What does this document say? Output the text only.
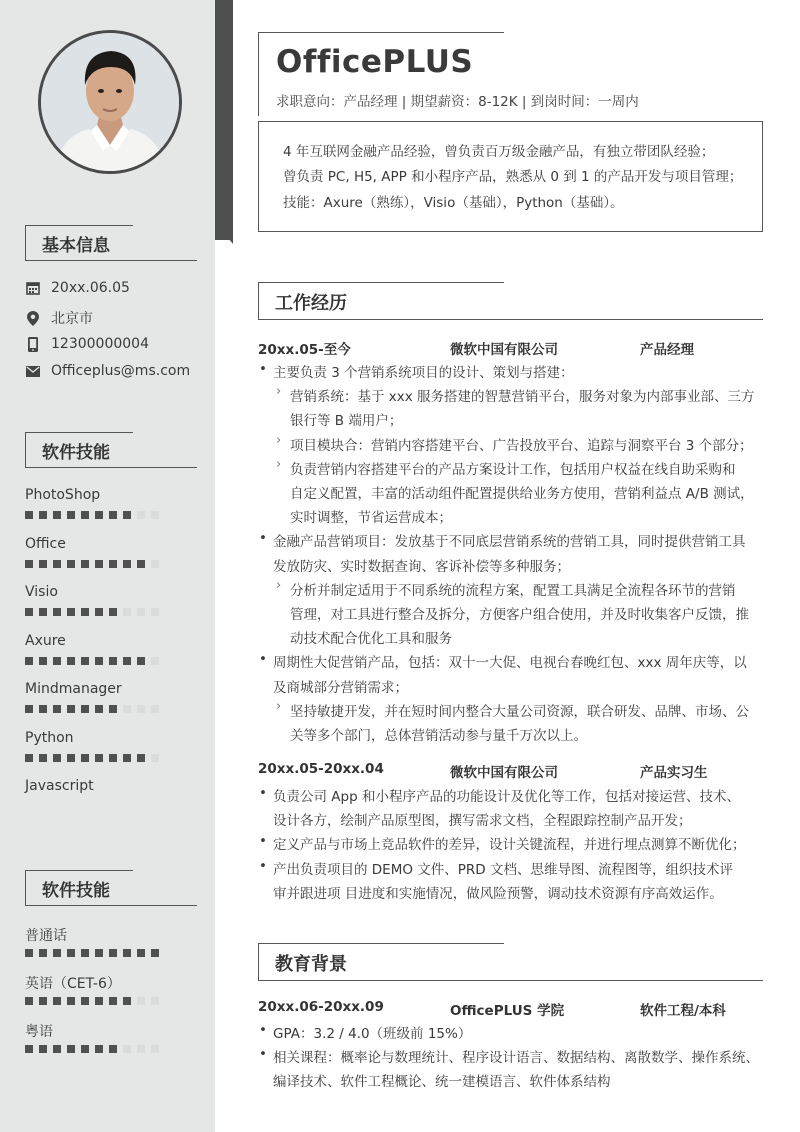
基本信息
20xx.06.05
北京市
12300000004
Officeplus@ms.com
软件技能
PhotoShop
Office
Visio
Axure
Mindmanager
Python
Javascript
软件技能
普通话
英语（CET-6）
粤语
OfficePLUS
求职意向：产品经理 | 期望薪资：8-12K | 到岗时间：一周内
4 年互联网金融产品经验，曾负责百万级金融产品，有独立带团队经验；
曾负责 PC, H5, APP 和小程序产品，熟悉从 0 到 1 的产品开发与项目管理；
技能：Axure（熟练），Visio（基础），Python（基础）。
工作经历
20xx.05-至今	微软中国有限公司	产品经理
• 主要负责 3 个营销系统项目的设计、策划与搭建：
› 营销系统：基于 xxx 服务搭建的智慧营销平台，服务对象为内部事业部、三方
银行等 B 端用户；
› 项目模块合：营销内容搭建平台、广告投放平台、追踪与洞察平台 3 个部分；
› 负责营销内容搭建平台的产品方案设计工作，包括用户权益在线自助采购和
自定义配置，丰富的活动组件配置提供给业务方使用，营销利益点 A/B 测试，
实时调整，节省运营成本；
• 金融产品营销项目：发放基于不同底层营销系统的营销工具，同时提供营销工具
发放防灾、实时数据查询、客诉补偿等多种服务；
› 分析并制定适用于不同系统的流程方案，配置工具满足全流程各环节的营销
管理，对工具进行整合及拆分，方便客户组合使用，并及时收集客户反馈，推
动技术配合优化工具和服务
• 周期性大促营销产品，包括：双十一大促、电视台春晚红包、xxx 周年庆等，以
及商城部分营销需求；
› 坚持敏捷开发，并在短时间内整合大量公司资源，联合研发、品牌、市场、公
关等多个部门，总体营销活动参与量千万次以上。
20xx.05-20xx.04	微软中国有限公司	产品实习生
• 负责公司 App 和小程序产品的功能设计及优化等工作，包括对接运营、技术、
设计各方，绘制产品原型图，撰写需求文档，全程跟踪控制产品开发；
• 定义产品与市场上竞品软件的差异，设计关键流程，并进行埋点测算不断优化；
• 产出负责项目的 DEMO 文件、PRD 文档、思维导图、流程图等，组织技术评
审并跟进项 目进度和实施情况，做风险预警，调动技术资源有序高效运作。
教育背景
20xx.06-20xx.09	OfficePLUS 学院	软件工程/本科
• GPA：3.2 / 4.0（班级前 15%）
• 相关课程：概率论与数理统计、程序设计语言、数据结构、离散数学、操作系统、
编译技术、软件工程概论、统一建模语言、软件体系结构
